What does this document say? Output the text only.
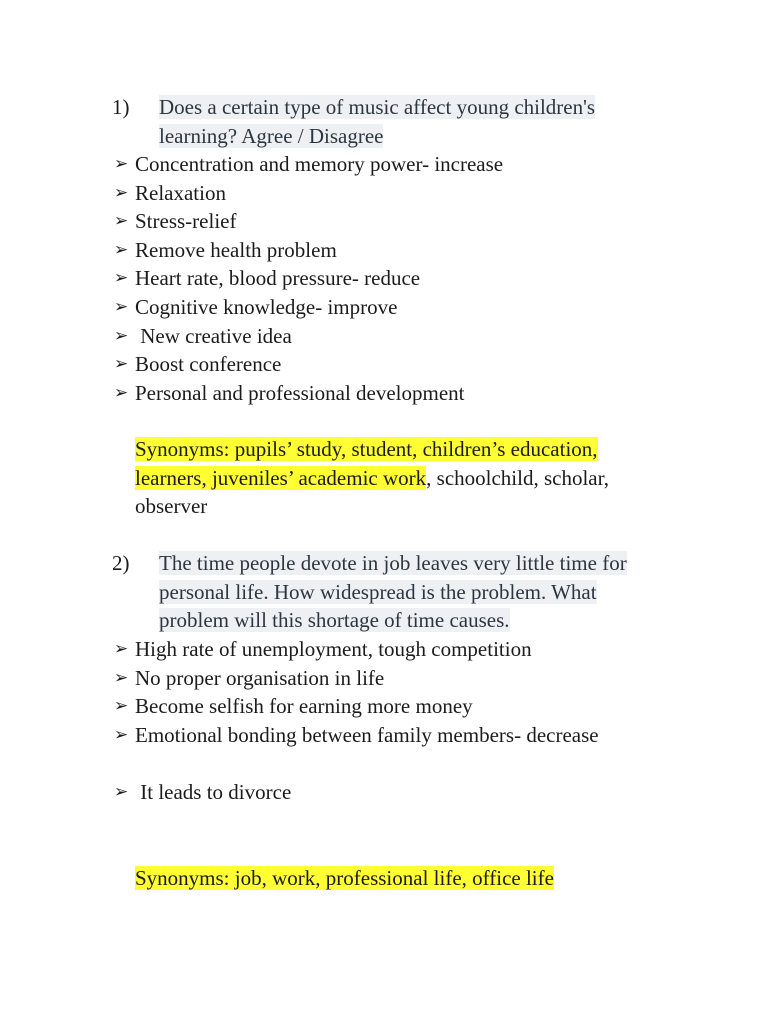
1)	Does a certain type of music affect young children's
learning? Agree / Disagree
➢ Concentration and memory power- increase
➢ Relaxation
➢ Stress-relief
➢ Remove health problem
➢ Heart rate, blood pressure- reduce
➢ Cognitive knowledge- improve
➢ New creative idea
➢ Boost conference
➢ Personal and professional development
Synonyms: pupils’ study, student, children’s education,
learners, juveniles’ academic work, schoolchild, scholar,
observer
2)	The time people devote in job leaves very little time for
personal life. How widespread is the problem. What
problem will this shortage of time causes.
➢ High rate of unemployment, tough competition
➢ No proper organisation in life
➢ Become selfish for earning more money
➢ Emotional bonding between family members- decrease
➢ It leads to divorce
Synonyms: job, work, professional life, office life
